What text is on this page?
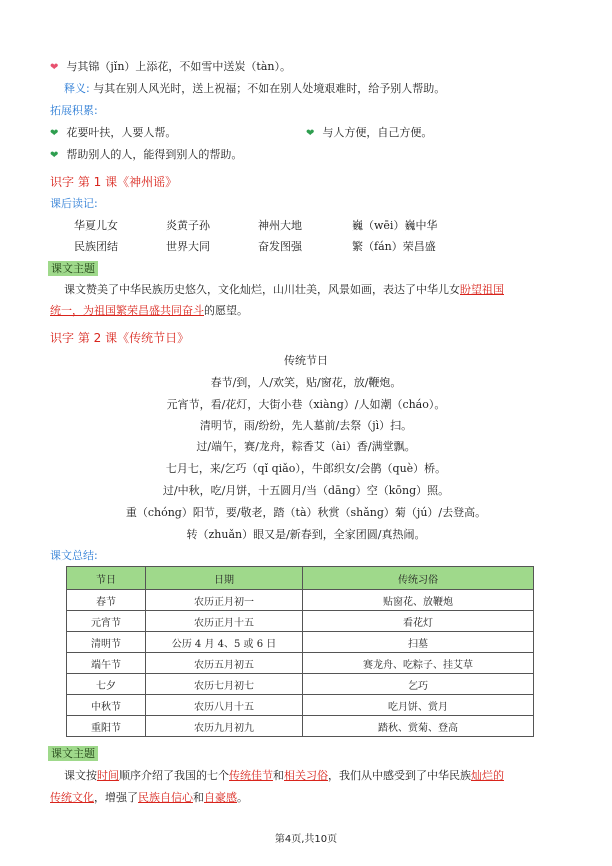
❤ 与其锦（jǐn）上添花，不如雪中送炭（tàn）。
释义: 与其在别人风光时，送上祝福；不如在别人处境艰难时，给予别人帮助。
拓展积累:
❤ 花要叶扶，人要人帮。	❤ 与人方便，自己方便。
❤ 帮助别人的人，能得到别人的帮助。
识字 第 1 课《神州谣》
课后读记:
华夏儿女	炎黄子孙	神州大地	巍（wēi）巍中华
民族团结	世界大同	奋发图强	繁（fán）荣昌盛
课文主题
课文赞美了中华民族历史悠久，文化灿烂，山川壮美，风景如画，表达了中华儿女盼望祖国
统一，为祖国繁荣昌盛共同奋斗的愿望。
识字 第 2 课《传统节日》
传统节日
春节/到，人/欢笑，贴/窗花，放/鞭炮。
元宵节，看/花灯，大街小巷（xiàng）/人如潮（cháo）。
清明节，雨/纷纷，先人墓前/去祭（jì）扫。
过/端午，赛/龙舟，粽香艾（ài）香/满堂飘。
七月七，来/乞巧（qǐ qiǎo），牛郎织女/会鹊（què）桥。
过/中秋，吃/月饼，十五圆月/当（dāng）空（kōng）照。
重（chóng）阳节，要/敬老，踏（tà）秋赏（shǎng）菊（jú）/去登高。
转（zhuǎn）眼又是/新春到，全家团圆/真热闹。
课文总结:
节日	日期	传统习俗
春节	农历正月初一	贴窗花、放鞭炮
元宵节	农历正月十五	看花灯
清明节	公历 4 月 4、5 或 6 日	扫墓
端午节	农历五月初五	赛龙舟、吃粽子、挂艾草
七夕	农历七月初七	乞巧
中秋节	农历八月十五	吃月饼、赏月
重阳节	农历九月初九	踏秋、赏菊、登高
课文主题
课文按时间顺序介绍了我国的七个传统佳节和相关习俗，我们从中感受到了中华民族灿烂的
传统文化，增强了民族自信心和自豪感。
第4页,共10页
